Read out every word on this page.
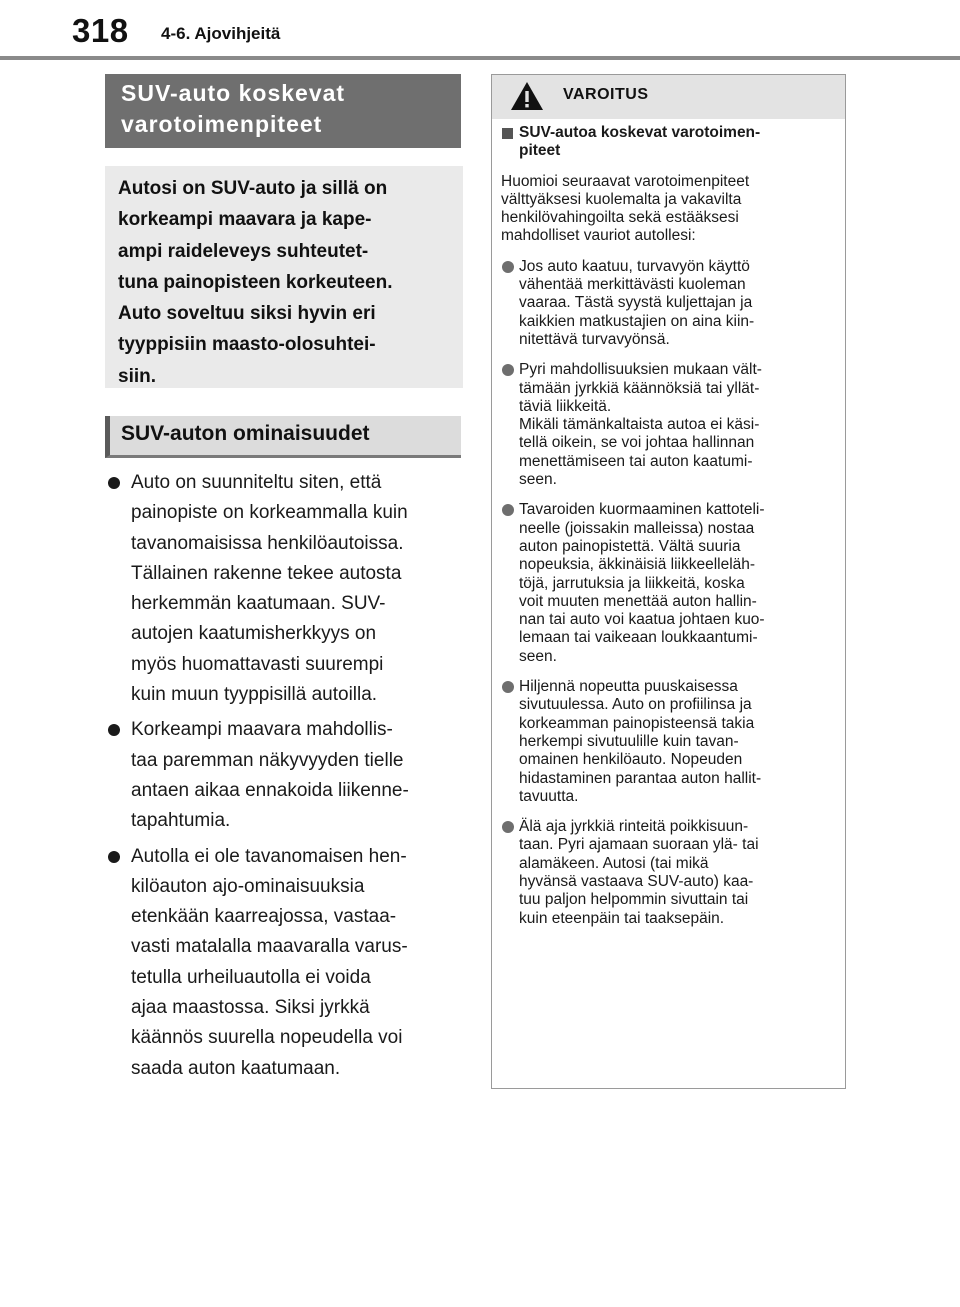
318 4-6. Ajovihjeitä
SUV-auto koskevat
varotoimenpiteet
Autosi on SUV-auto ja sillä on
korkeampi maavara ja kape-
ampi raideleveys suhteutet-
tuna painopisteen korkeuteen.
Auto soveltuu siksi hyvin eri
tyyppisiin maasto-olosuhtei-
siin.
SUV-auton ominaisuudet
Auto on suunniteltu siten, että
painopiste on korkeammalla kuin
tavanomaisissa henkilöautoissa.
Tällainen rakenne tekee autosta
herkemmän kaatumaan. SUV-
autojen kaatumisherkkyys on
myös huomattavasti suurempi
kuin muun tyyppisillä autoilla.
Korkeampi maavara mahdollis-
taa paremman näkyvyyden tielle
antaen aikaa ennakoida liikenne-
tapahtumia.
Autolla ei ole tavanomaisen hen-
kilöauton ajo-ominaisuuksia
etenkään kaarreajossa, vastaa-
vasti matalalla maavaralla varus-
tetulla urheiluautolla ei voida
ajaa maastossa. Siksi jyrkkä
käännös suurella nopeudella voi
saada auton kaatumaan.
VAROITUS
SUV-autoa koskevat varotoimen-
piteet
Huomioi seuraavat varotoimenpiteet
välttyäksesi kuolemalta ja vakavilta
henkilövahingoilta sekä estääksesi
mahdolliset vauriot autollesi:
Jos auto kaatuu, turvavyön käyttö
vähentää merkittävästi kuoleman
vaaraa. Tästä syystä kuljettajan ja
kaikkien matkustajien on aina kiin-
nitettävä turvavyönsä.
Pyri mahdollisuuksien mukaan vält-
tämään jyrkkiä käännöksiä tai yllät-
täviä liikkeitä.
Mikäli tämänkaltaista autoa ei käsi-
tellä oikein, se voi johtaa hallinnan
menettämiseen tai auton kaatumi-
seen.
Tavaroiden kuormaaminen kattoteli-
neelle (joissakin malleissa) nostaa
auton painopistettä. Vältä suuria
nopeuksia, äkkinäisiä liikkeelleläh-
töjä, jarrutuksia ja liikkeitä, koska
voit muuten menettää auton hallin-
nan tai auto voi kaatua johtaen kuo-
lemaan tai vaikeaan loukkaantumi-
seen.
Hiljennä nopeutta puuskaisessa
sivutuulessa. Auto on profiilinsa ja
korkeamman painopisteensä takia
herkempi sivutuulille kuin tavan-
omainen henkilöauto. Nopeuden
hidastaminen parantaa auton hallit-
tavuutta.
Älä aja jyrkkiä rinteitä poikkisuun-
taan. Pyri ajamaan suoraan ylä- tai
alamäkeen. Autosi (tai mikä
hyvänsä vastaava SUV-auto) kaa-
tuu paljon helpommin sivuttain tai
kuin eteenpäin tai taaksepäin.
